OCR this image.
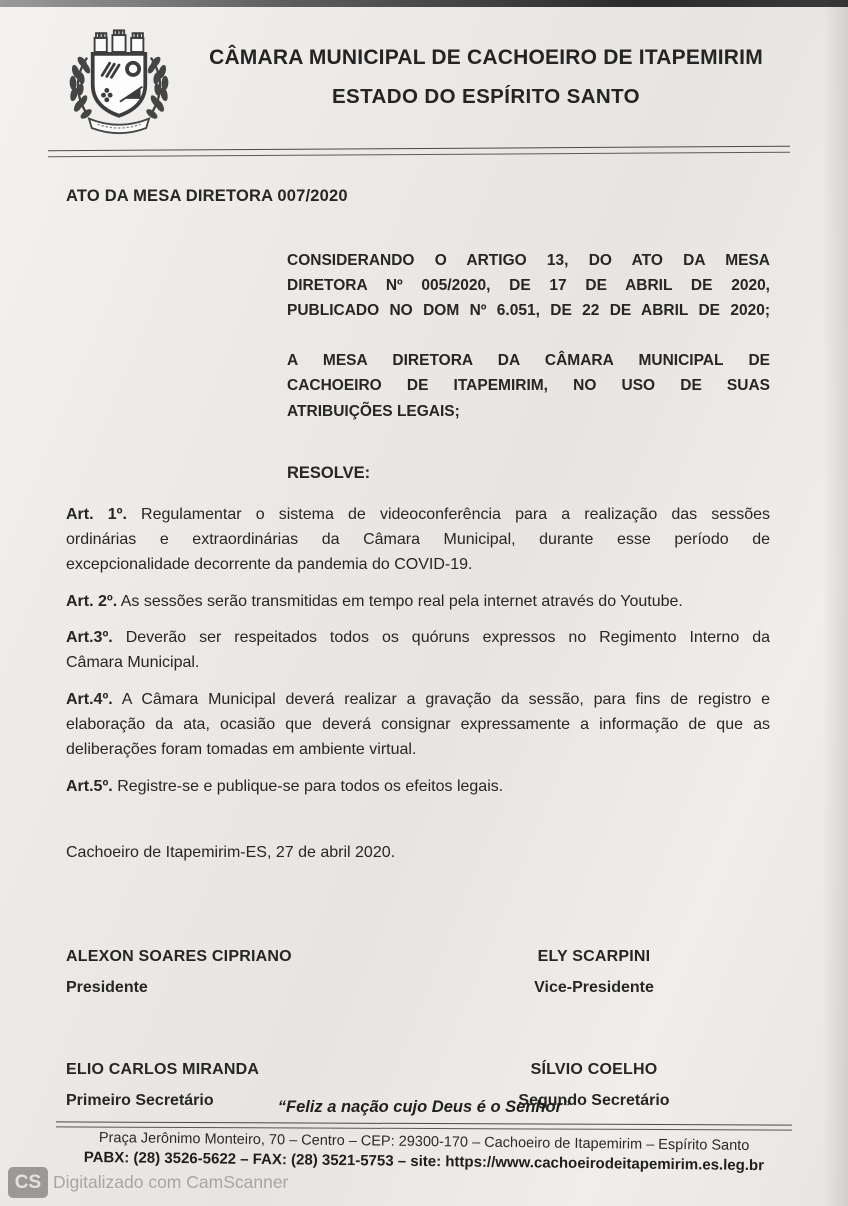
CÂMARA MUNICIPAL DE CACHOEIRO DE ITAPEMIRIM
ESTADO DO ESPÍRITO SANTO
ATO DA MESA DIRETORA 007/2020
CONSIDERANDO O ARTIGO 13, DO ATO DA MESA
DIRETORA Nº 005/2020, DE 17 DE ABRIL DE 2020,
PUBLICADO NO DOM Nº 6.051, DE 22 DE ABRIL DE 2020;
A MESA DIRETORA DA CÂMARA MUNICIPAL DE
CACHOEIRO DE ITAPEMIRIM, NO USO DE SUAS
ATRIBUIÇÕES LEGAIS;
RESOLVE:
Art. 1º. Regulamentar o sistema de videoconferência para a realização das sessões
ordinárias e extraordinárias da Câmara Municipal, durante esse período de
excepcionalidade decorrente da pandemia do COVID-19.
Art. 2º. As sessões serão transmitidas em tempo real pela internet através do Youtube.
Art.3º. Deverão ser respeitados todos os quóruns expressos no Regimento Interno da
Câmara Municipal.
Art.4º. A Câmara Municipal deverá realizar a gravação da sessão, para fins de registro e
elaboração da ata, ocasião que deverá consignar expressamente a informação de que as
deliberações foram tomadas em ambiente virtual.
Art.5º. Registre-se e publique-se para todos os efeitos legais.
Cachoeiro de Itapemirim-ES, 27 de abril 2020.
ALEXON SOARES CIPRIANO
Presidente
ELY SCARPINI
Vice-Presidente
ELIO CARLOS MIRANDA
Primeiro Secretário
SÍLVIO COELHO
Segundo Secretário
“Feliz a nação cujo Deus é o Senhor”
Praça Jerônimo Monteiro, 70 – Centro – CEP: 29300-170 – Cachoeiro de Itapemirim – Espírito Santo
PABX: (28) 3526-5622 – FAX: (28) 3521-5753 – site: https://www.cachoeirodeitapemirim.es.leg.br
CS Digitalizado com CamScanner
